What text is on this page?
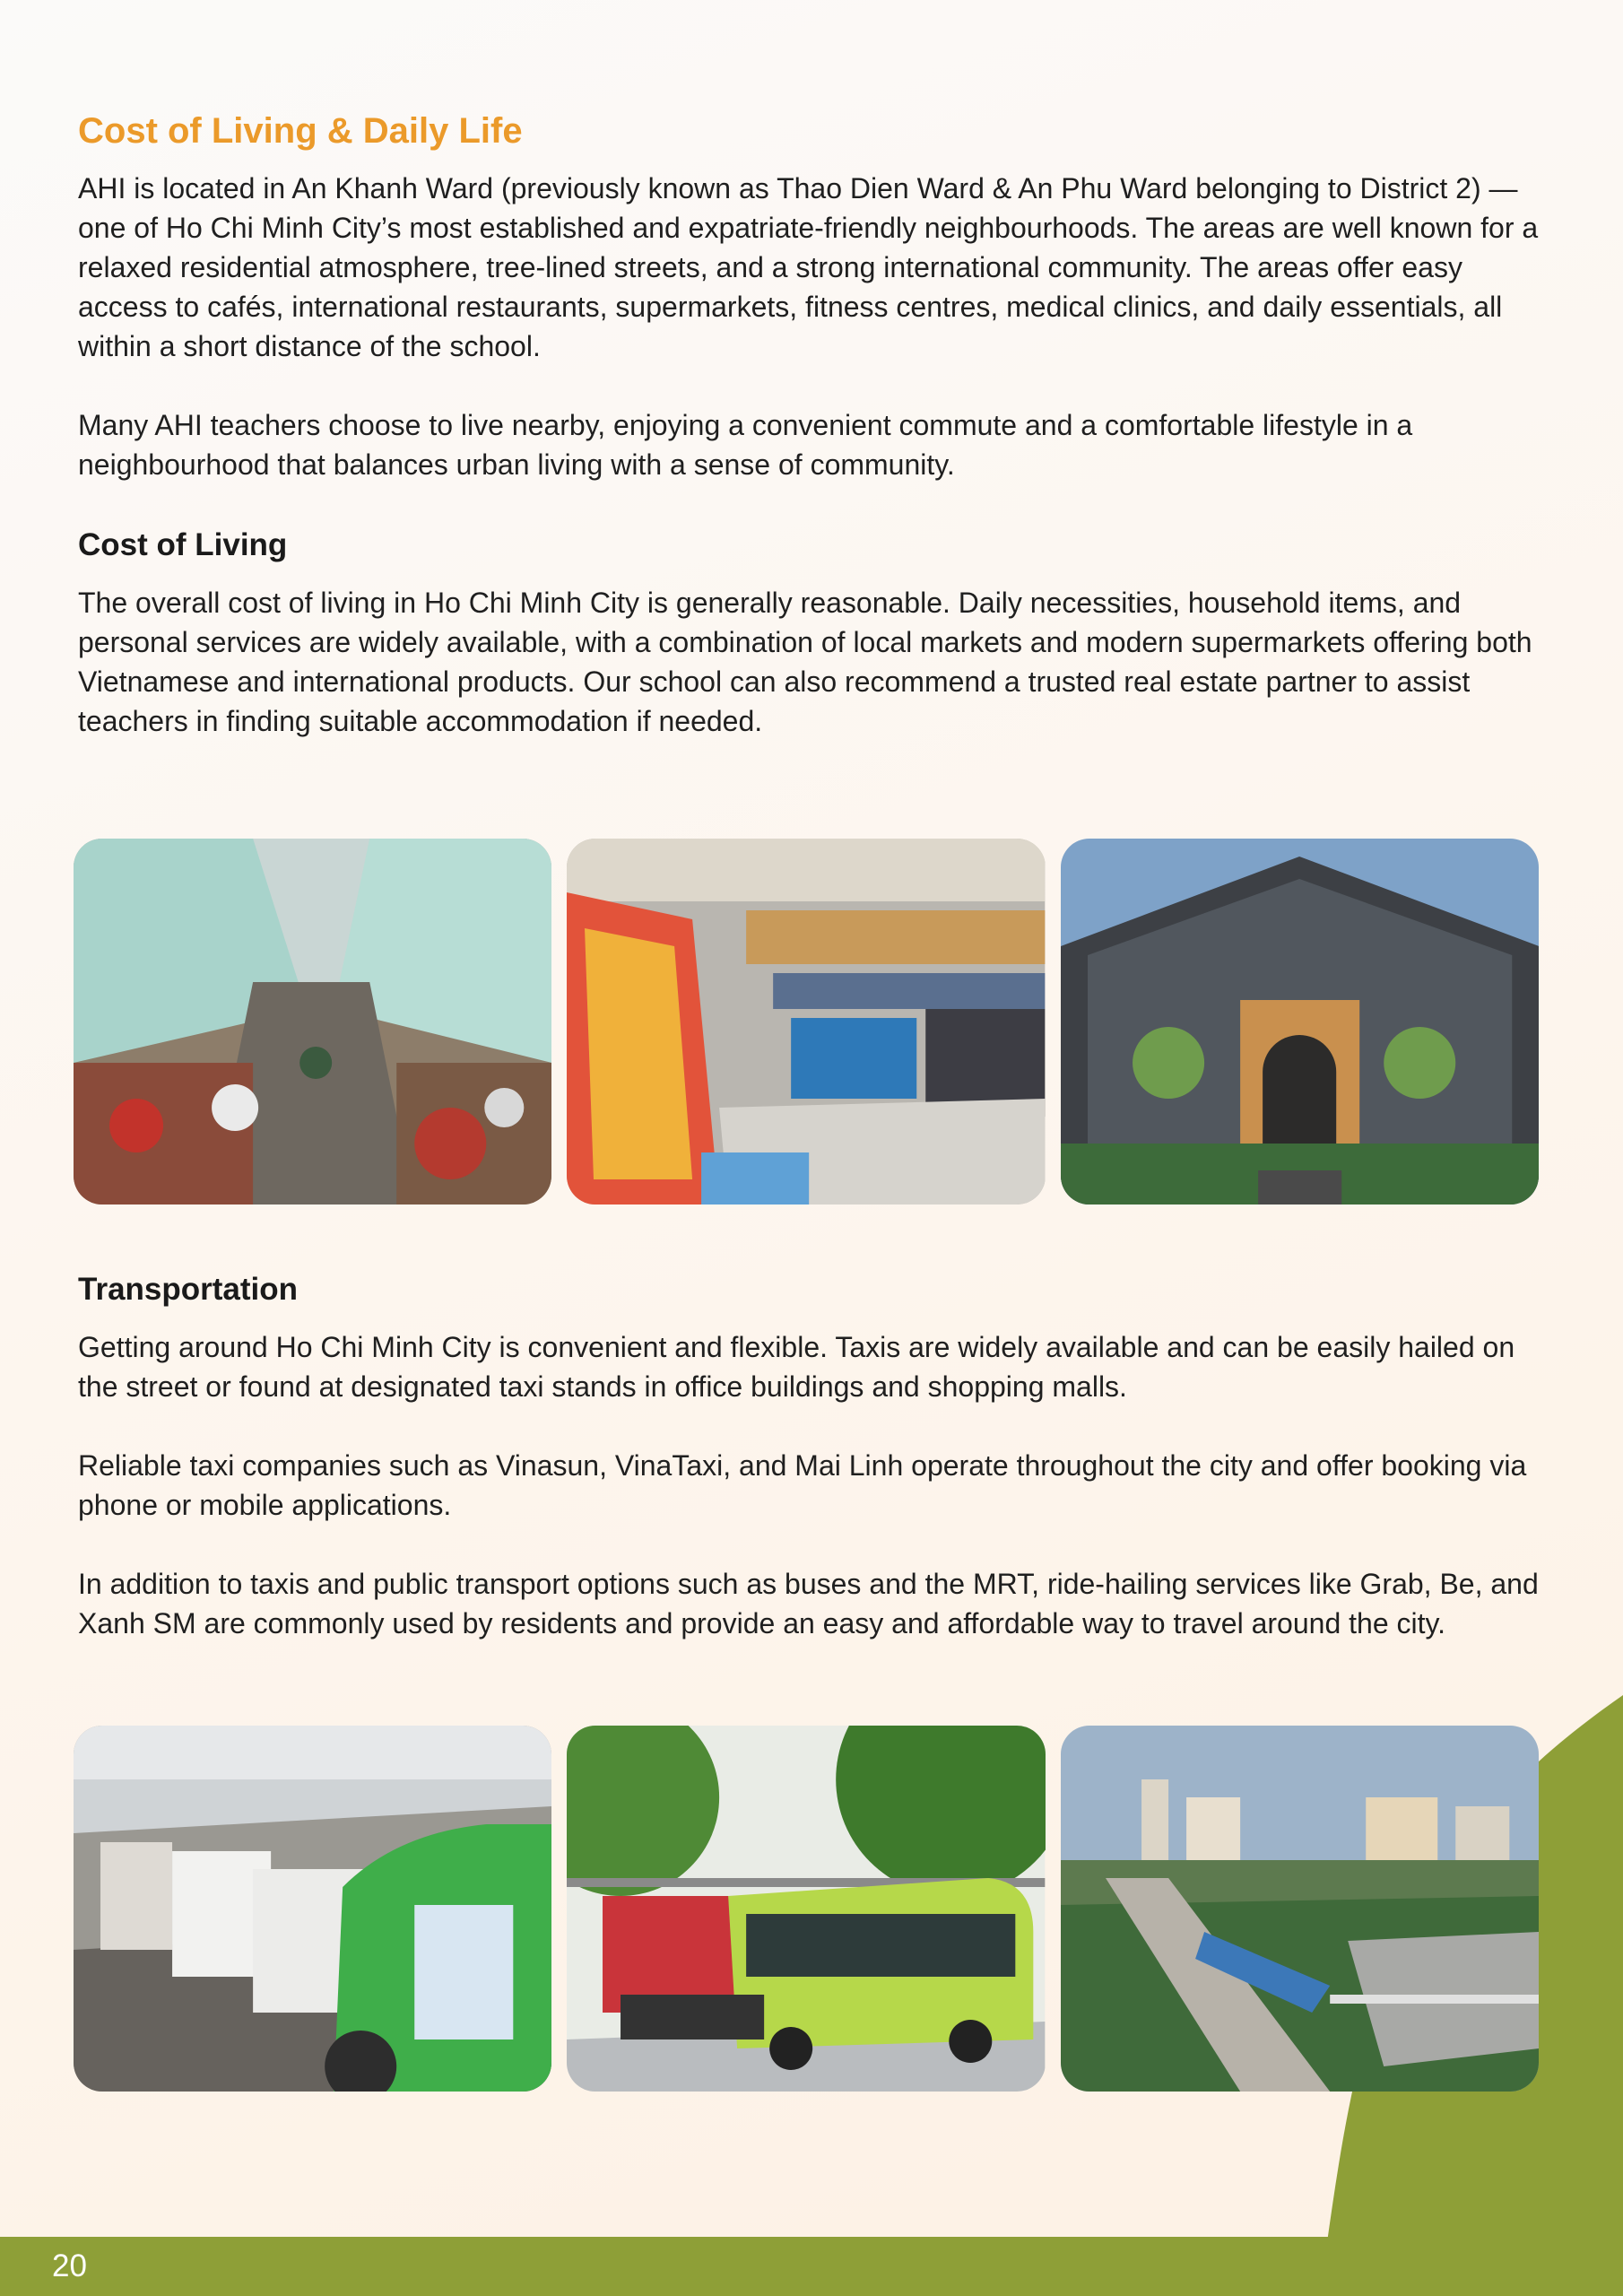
Cost of Living & Daily Life

AHI is located in An Khanh Ward (previously known as Thao Dien Ward & An Phu Ward belonging to District 2) — one of Ho Chi Minh City’s most established and expatriate-friendly neighbourhoods. The areas are well known for a relaxed residential atmosphere, tree-lined streets, and a strong international community. The areas offer easy access to cafés, international restaurants, supermarkets, fitness centres, medical clinics, and daily essentials, all within a short distance of the school.

Many AHI teachers choose to live nearby, enjoying a convenient commute and a comfortable lifestyle in a neighbourhood that balances urban living with a sense of community.

Cost of Living

The overall cost of living in Ho Chi Minh City is generally reasonable. Daily necessities, household items, and personal services are widely available, with a combination of local markets and modern supermarkets offering both Vietnamese and international products. Our school can also recommend a trusted real estate partner to assist teachers in finding suitable accommodation if needed.

Transportation

Getting around Ho Chi Minh City is convenient and flexible. Taxis are widely available and can be easily hailed on the street or found at designated taxi stands in office buildings and shopping malls.

Reliable taxi companies such as Vinasun, VinaTaxi, and Mai Linh operate throughout the city and offer booking via phone or mobile applications.

In addition to taxis and public transport options such as buses and the MRT, ride-hailing services like Grab, Be, and Xanh SM are commonly used by residents and provide an easy and affordable way to travel around the city.

20
